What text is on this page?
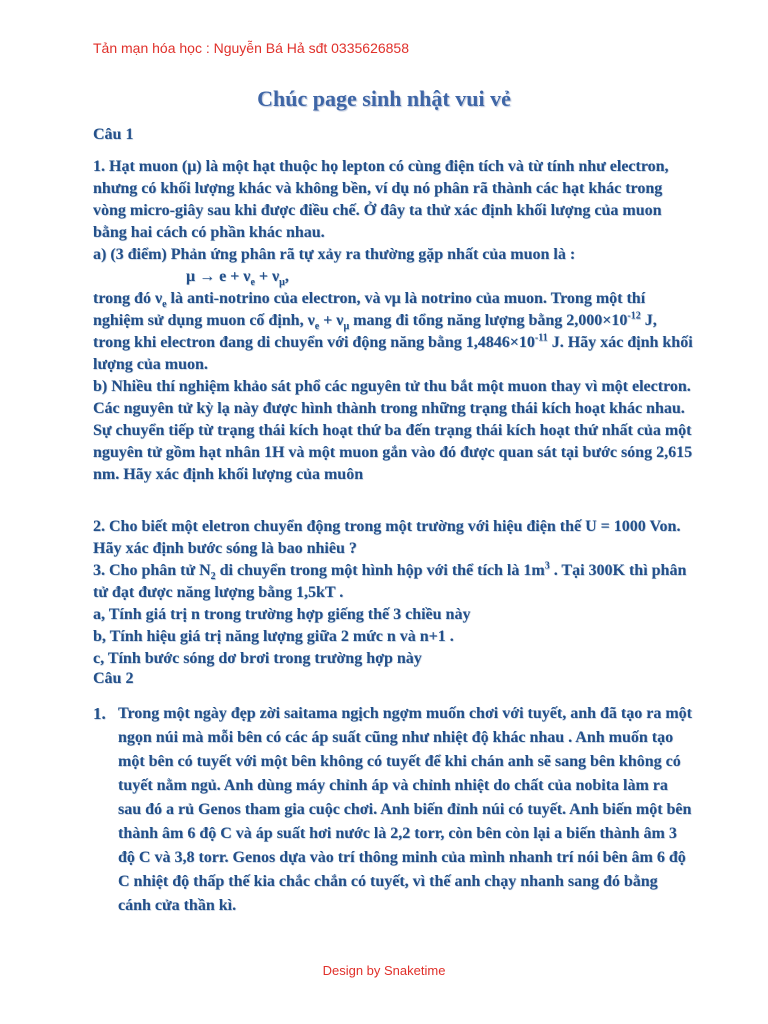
Tản mạn hóa học : Nguyễn Bá Hả sđt 0335626858
Chúc page sinh nhật vui vẻ
Câu 1

1. Hạt muon (μ) là một hạt thuộc họ lepton có cùng điện tích và từ tính như electron, nhưng có khối lượng khác và không bền, ví dụ nó phân rã thành các hạt khác trong vòng micro-giây sau khi được điều chế. Ở đây ta thử xác định khối lượng của muon bằng hai cách có phần khác nhau.

a) (3 điểm) Phản ứng phân rã tự xảy ra thường gặp nhất của muon là :

$\mu \to e + \nu_e + \nu_\mu$,

trong đó $\nu_e$ là anti-notrino của electron, và νμ là notrino của muon. Trong một thí nghiệm sử dụng muon cố định, $\nu_e + \nu_\mu$ mang đi tổng năng lượng bằng $2,000\times 10^{-12}$ J, trong khi electron đang di chuyển với động năng bằng $1,4846\times 10^{-11}$ J. Hãy xác định khối lượng của muon.

b) Nhiều thí nghiệm khảo sát phổ các nguyên tử thu bắt một muon thay vì một electron. Các nguyên tử kỳ lạ này được hình thành trong những trạng thái kích hoạt khác nhau. Sự chuyển tiếp từ trạng thái kích hoạt thứ ba đến trạng thái kích hoạt thứ nhất của một nguyên tử gồm hạt nhân 1H và một muon gắn vào đó được quan sát tại bước sóng 2,615 nm. Hãy xác định khối lượng của muôn

2. Cho biết một eletron chuyển động trong một trường với hiệu điện thế U = 1000 Von. Hãy xác định bước sóng là bao nhiêu ?

3. Cho phân tử $N_2$ di chuyển trong một hình hộp với thể tích là $1m^3$ . Tại 300K thì phân tử đạt được năng lượng bằng 1,5kT .

a, Tính giá trị n trong trường hợp giếng thế 3 chiều này

b, Tính hiệu giá trị năng lượng giữa 2 mức n và n+1 .

c, Tính bước sóng dơ brơi trong trường hợp này

Câu 2
1. Trong một ngày đẹp zời saitama ngịch ngợm muốn chơi với tuyết, anh đã tạo ra một ngọn núi mà mỗi bên có các áp suất cũng như nhiệt độ khác nhau . Anh muốn tạo một bên có tuyết với một bên không có tuyết để khi chán anh sẽ sang bên không có tuyết nằm ngủ. Anh dùng máy chỉnh áp và chỉnh nhiệt do chất của nobita làm ra sau đó a rủ Genos tham gia cuộc chơi. Anh biến đỉnh núi có tuyết. Anh biến một bên thành âm 6 độ C và áp suất hơi nước là 2,2 torr, còn bên còn lại a biến thành âm 3 độ C và 3,8 torr. Genos dựa vào trí thông minh của mình nhanh trí nói bên âm 6 độ C nhiệt độ thấp thế kia chắc chắn có tuyết, vì thế anh chạy nhanh sang đó bằng cánh cửa thần kì.
Design by Snaketime
